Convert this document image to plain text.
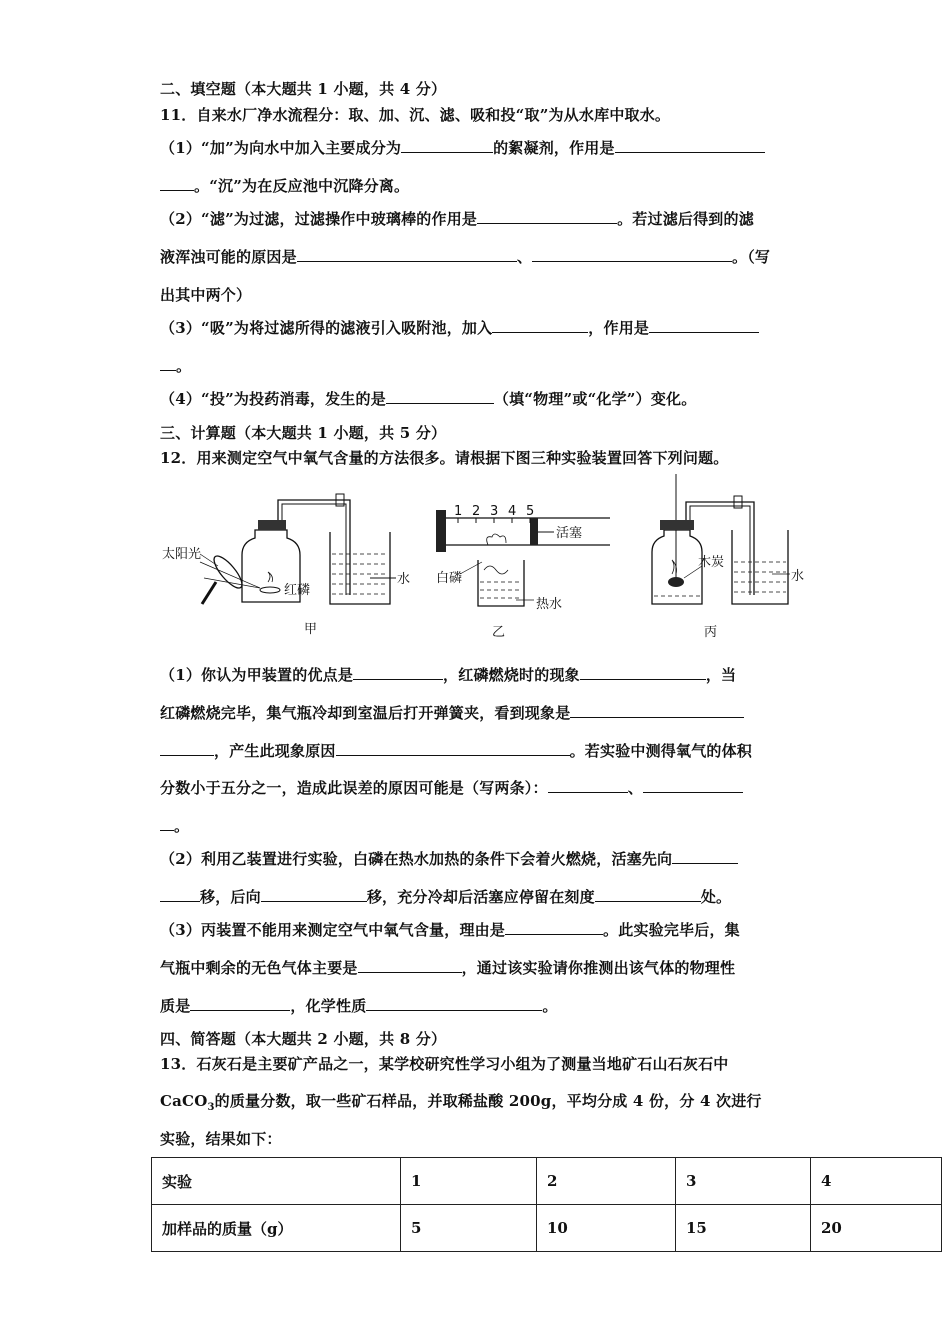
二、填空题（本大题共 1 小题，共 4 分）
11．自来水厂净水流程分：取、加、沉、滤、吸和投“取”为从水库中取水。
（1）“加”为向水中加入主要成分为	的絮凝剂，作用是
。“沉”为在反应池中沉降分离。
（2）“滤”为过滤，过滤操作中玻璃棒的作用是	。若过滤后得到的滤
液浑浊可能的原因是	、	。（写
出其中两个）
（3）“吸”为将过滤所得的滤液引入吸附池，加入	，作用是
。
（4）“投”为投药消毒，发生的是	（填“物理”或“化学”）变化。
三、计算题（本大题共 1 小题，共 5 分）
12．用来测定空气中氧气含量的方法很多。请根据下图三种实验装置回答下列问题。
水
红磷
太阳光
甲
活塞
1 2 3 4 5
白磷
热水
乙
木炭
水
丙
（1）你认为甲装置的优点是	，红磷燃烧时的现象	，当
红磷燃烧完毕，集气瓶冷却到室温后打开弹簧夹，看到现象是
，产生此现象原因	。若实验中测得氧气的体积
分数小于五分之一，造成此误差的原因可能是（写两条）：	、
。
（2）利用乙装置进行实验，白磷在热水加热的条件下会着火燃烧，活塞先向
移，后向	移，充分冷却后活塞应停留在刻度	处。
（3）丙装置不能用来测定空气中氧气含量，理由是	。此实验完毕后，集
气瓶中剩余的无色气体主要是	，通过该实验请你推测出该气体的物理性
质是	，化学性质	。
四、简答题（本大题共 2 小题，共 8 分）
13．石灰石是主要矿产品之一，某学校研究性学习小组为了测量当地矿石山石灰石中
CaCO$_3$的质量分数，取一些矿石样品，并取稀盐酸 200g，平均分成 4 份，分 4 次进行
实验，结果如下：
实验	1	2	3	4
加样品的质量（g）	5	10	15	20
